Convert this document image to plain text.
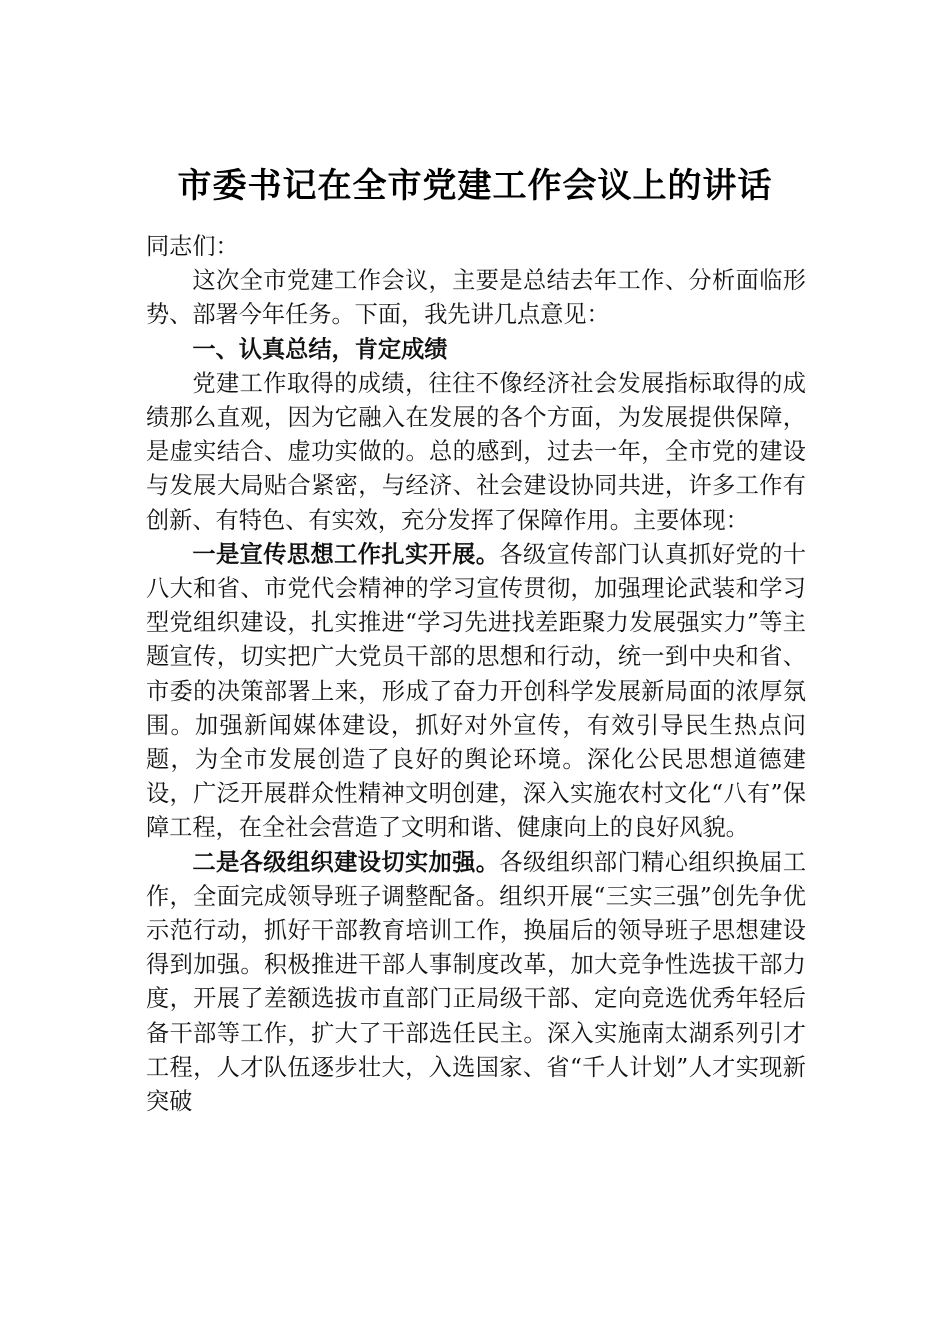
市委书记在全市党建工作会议上的讲话

同志们：

这次全市党建工作会议，主要是总结去年工作、分析面临形势、部署今年任务。下面，我先讲几点意见：

一、认真总结，肯定成绩

党建工作取得的成绩，往往不像经济社会发展指标取得的成绩那么直观，因为它融入在发展的各个方面，为发展提供保障，是虚实结合、虚功实做的。总的感到，过去一年，全市党的建设与发展大局贴合紧密，与经济、社会建设协同共进，许多工作有创新、有特色、有实效，充分发挥了保障作用。主要体现：

一是宣传思想工作扎实开展。各级宣传部门认真抓好党的十八大和省、市党代会精神的学习宣传贯彻，加强理论武装和学习型党组织建设，扎实推进“学习先进找差距聚力发展强实力”等主题宣传，切实把广大党员干部的思想和行动，统一到中央和省、市委的决策部署上来，形成了奋力开创科学发展新局面的浓厚氛围。加强新闻媒体建设，抓好对外宣传，有效引导民生热点问题，为全市发展创造了良好的舆论环境。深化公民思想道德建设，广泛开展群众性精神文明创建，深入实施农村文化“八有”保障工程，在全社会营造了文明和谐、健康向上的良好风貌。

二是各级组织建设切实加强。各级组织部门精心组织换届工作，全面完成领导班子调整配备。组织开展“三实三强”创先争优示范行动，抓好干部教育培训工作，换届后的领导班子思想建设得到加强。积极推进干部人事制度改革，加大竞争性选拔干部力度，开展了差额选拔市直部门正局级干部、定向竞选优秀年轻后备干部等工作，扩大了干部选任民主。深入实施南太湖系列引才工程，人才队伍逐步壮大，入选国家、省“千人计划”人才实现新突破
